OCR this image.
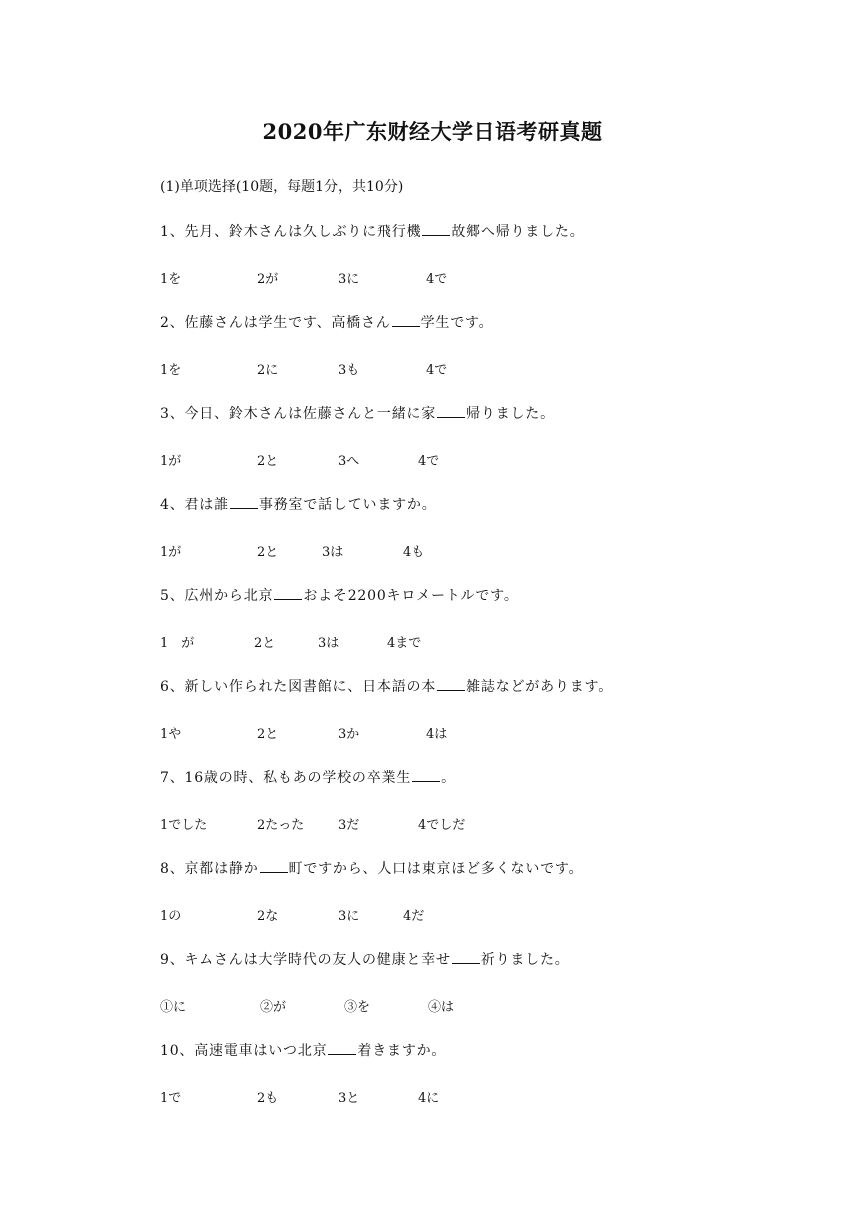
2020年广东财经大学日语考研真题
(1)单项选择(10题，每题1分，共10分)
1、先月、鈴木さんは久しぶりに飛行機 故郷へ帰りました。
1を	2が	3に	4で
2、佐藤さんは学生です、高橋さん 学生です。
1を	2に	3も	4で
3、今日、鈴木さんは佐藤さんと一緒に家 帰りました。
1が	2と	3へ	4で
4、君は誰 事務室で話していますか。
1が	2と	3は	4も
5、広州から北京 およそ2200キロメートルです。
1　が	2と	3は	4まで
6、新しい作られた図書館に、日本語の本 雑誌などがあります。
1や	2と	3か	4は
7、16歳の時、私もあの学校の卒業生 。
1でした	2たった	3だ	4でしだ
8、京都は静か 町ですから、人口は東京ほど多くないです。
1の	2な	3に	4だ
9、キムさんは大学時代の友人の健康と幸せ 祈りました。
①に	②が	③を	④は
10、高速電車はいつ北京 着きますか。
1で	2も	3と	4に
